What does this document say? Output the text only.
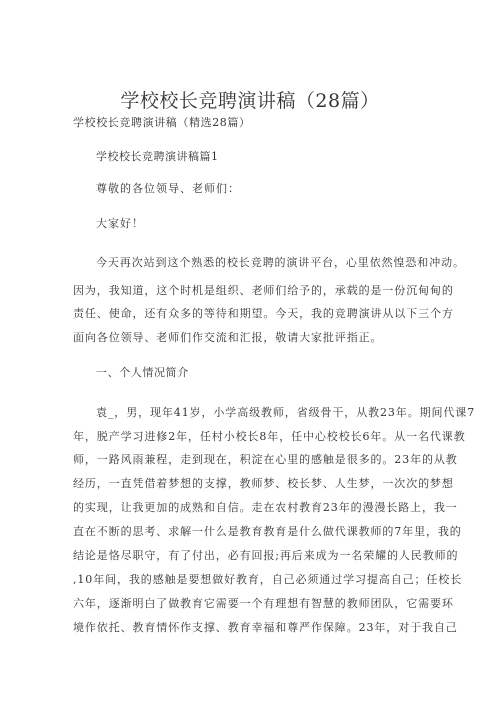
学校校长竞聘演讲稿（28篇）
学校校长竞聘演讲稿（精选28篇）
学校校长竞聘演讲稿篇1
尊敬的各位领导、老师们：
大家好！
今天再次站到这个熟悉的校长竞聘的演讲平台，心里依然惶恐和冲动。
因为，我知道，这个时机是组织、老师们给予的，承载的是一份沉甸甸的
责任、使命，还有众多的等待和期望。今天，我的竞聘演讲从以下三个方
面向各位领导、老师们作交流和汇报，敬请大家批评指正。
一、个人情况简介
袁_，男，现年41岁，小学高级教师，省级骨干，从教23年。期间代课7
年，脱产学习进修2年，任村小校长8年，任中心校校长6年。从一名代课教
师，一路风雨兼程，走到现在，积淀在心里的感触是很多的。23年的从教
经历，一直凭借着梦想的支撑，教师梦、校长梦、人生梦，一次次的梦想
的实现，让我更加的成熟和自信。走在农村教育23年的漫漫长路上，我一
直在不断的思考、求解一什么是教育教育是什么做代课教师的7年里，我的
结论是恪尽职守，有了付出，必有回报;再后来成为一名荣耀的人民教师的
,10年间，我的感触是要想做好教育，自己必须通过学习提高自己；任校长
六年，逐渐明白了做教育它需要一个有理想有智慧的教师团队，它需要环
境作依托、教育情怀作支撑、教育幸福和尊严作保障。23年，对于我自己
